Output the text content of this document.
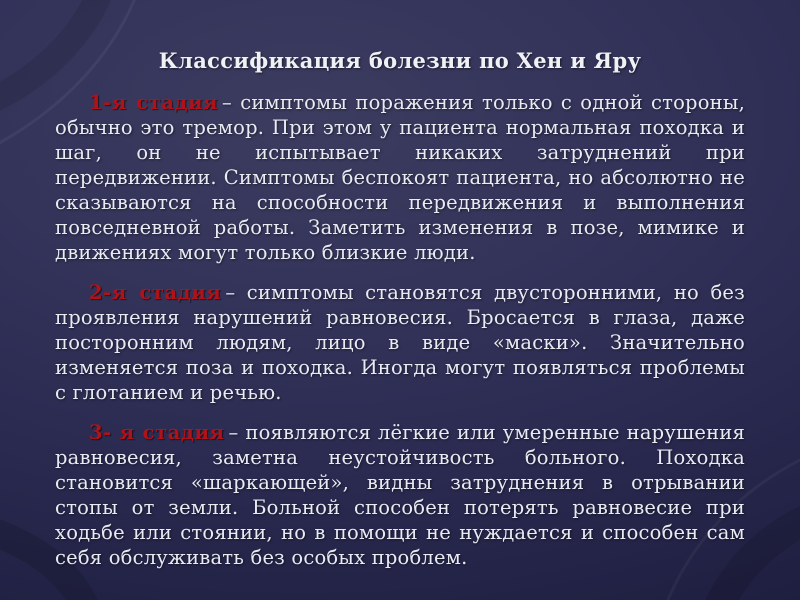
Классификация болезни по Хен и Яру

1-я стадия – симптомы поражения только с одной стороны, обычно это тремор. При этом у пациента нормальная походка и шаг, он не испытывает никаких затруднений при передвижении. Симптомы беспокоят пациента, но абсолютно не сказываются на способности передвижения и выполнения повседневной работы. Заметить изменения в позе, мимике и движениях могут только близкие люди.

2-я стадия – симптомы становятся двусторонними, но без проявления нарушений равновесия. Бросается в глаза, даже посторонним людям, лицо в виде «маски». Значительно изменяется поза и походка. Иногда могут появляться проблемы с глотанием и речью.

3- я стадия – появляются лёгкие или умеренные нарушения равновесия, заметна неустойчивость больного. Походка становится «шаркающей», видны затруднения в отрывании стопы от земли. Больной способен потерять равновесие при ходьбе или стоянии, но в помощи не нуждается и способен сам себя обслуживать без особых проблем.
